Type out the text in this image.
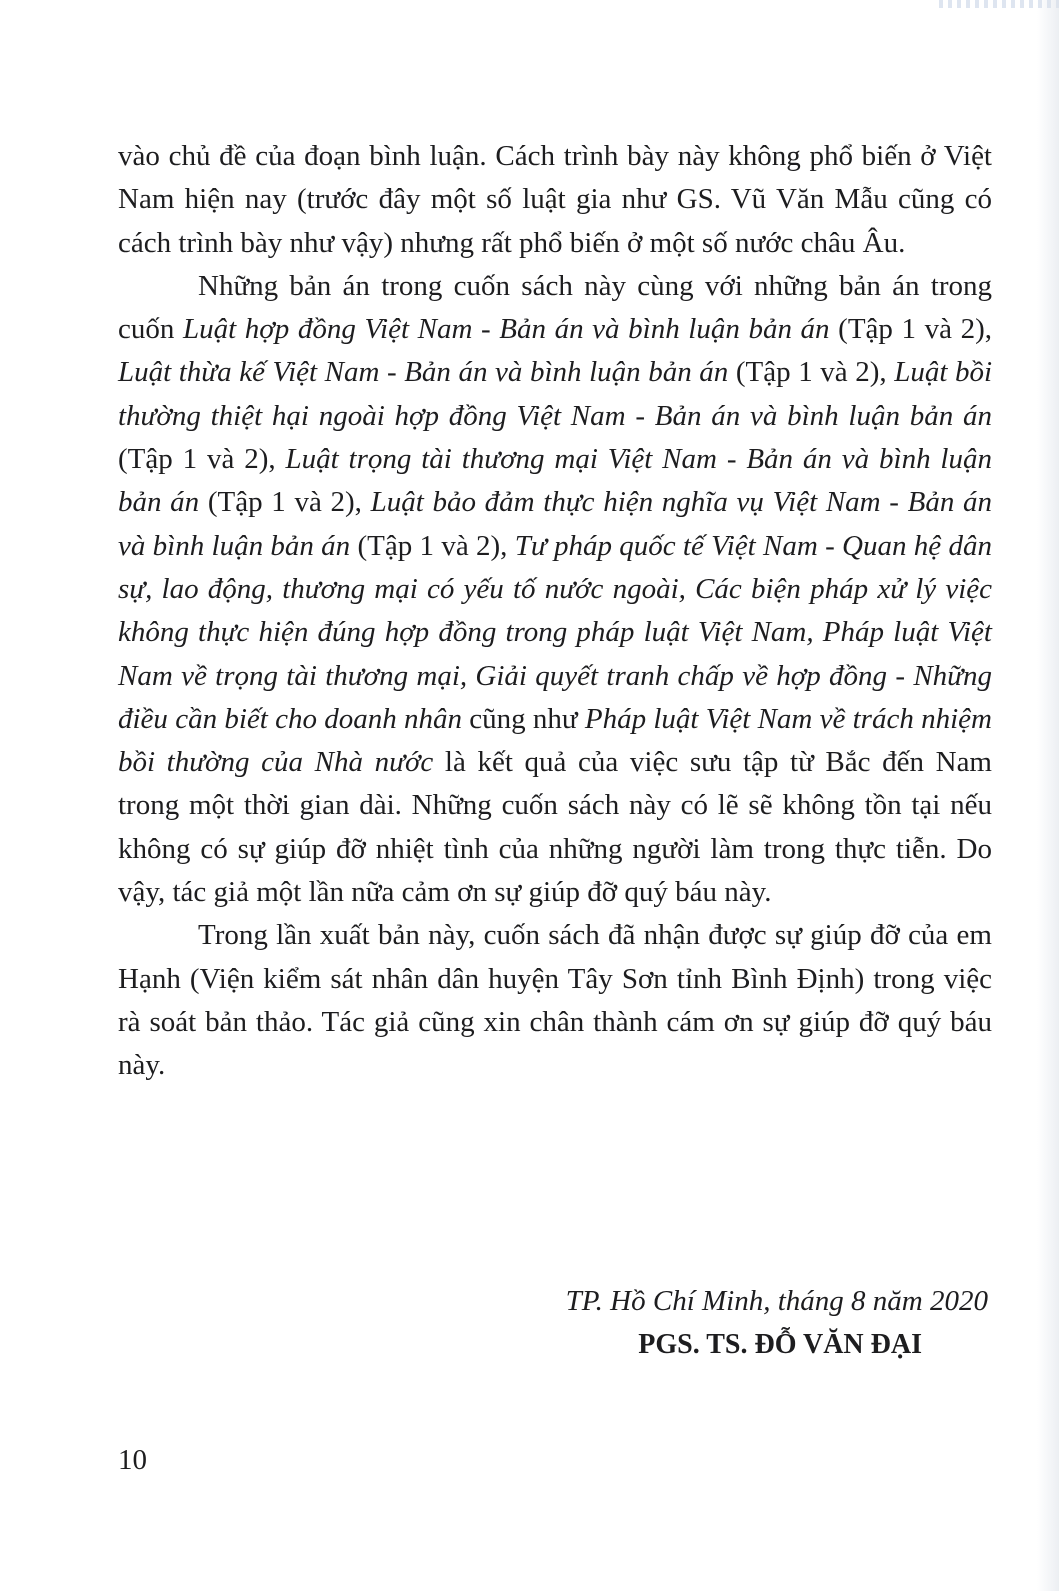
vào chủ đề của đoạn bình luận. Cách trình bày này không phổ biến ở Việt Nam hiện nay (trước đây một số luật gia như GS. Vũ Văn Mẫu cũng có cách trình bày như vậy) nhưng rất phổ biến ở một số nước châu Âu.

Những bản án trong cuốn sách này cùng với những bản án trong cuốn Luật hợp đồng Việt Nam - Bản án và bình luận bản án (Tập 1 và 2), Luật thừa kế Việt Nam - Bản án và bình luận bản án (Tập 1 và 2), Luật bồi thường thiệt hại ngoài hợp đồng Việt Nam - Bản án và bình luận bản án (Tập 1 và 2), Luật trọng tài thương mại Việt Nam - Bản án và bình luận bản án (Tập 1 và 2), Luật bảo đảm thực hiện nghĩa vụ Việt Nam - Bản án và bình luận bản án (Tập 1 và 2), Tư pháp quốc tế Việt Nam - Quan hệ dân sự, lao động, thương mại có yếu tố nước ngoài, Các biện pháp xử lý việc không thực hiện đúng hợp đồng trong pháp luật Việt Nam, Pháp luật Việt Nam về trọng tài thương mại, Giải quyết tranh chấp về hợp đồng - Những điều cần biết cho doanh nhân cũng như Pháp luật Việt Nam về trách nhiệm bồi thường của Nhà nước là kết quả của việc sưu tập từ Bắc đến Nam trong một thời gian dài. Những cuốn sách này có lẽ sẽ không tồn tại nếu không có sự giúp đỡ nhiệt tình của những người làm trong thực tiễn. Do vậy, tác giả một lần nữa cảm ơn sự giúp đỡ quý báu này.

Trong lần xuất bản này, cuốn sách đã nhận được sự giúp đỡ của em Hạnh (Viện kiểm sát nhân dân huyện Tây Sơn tỉnh Bình Định) trong việc rà soát bản thảo. Tác giả cũng xin chân thành cám ơn sự giúp đỡ quý báu này.

TP. Hồ Chí Minh, tháng 8 năm 2020

PGS. TS. ĐỖ VĂN ĐẠI

10
